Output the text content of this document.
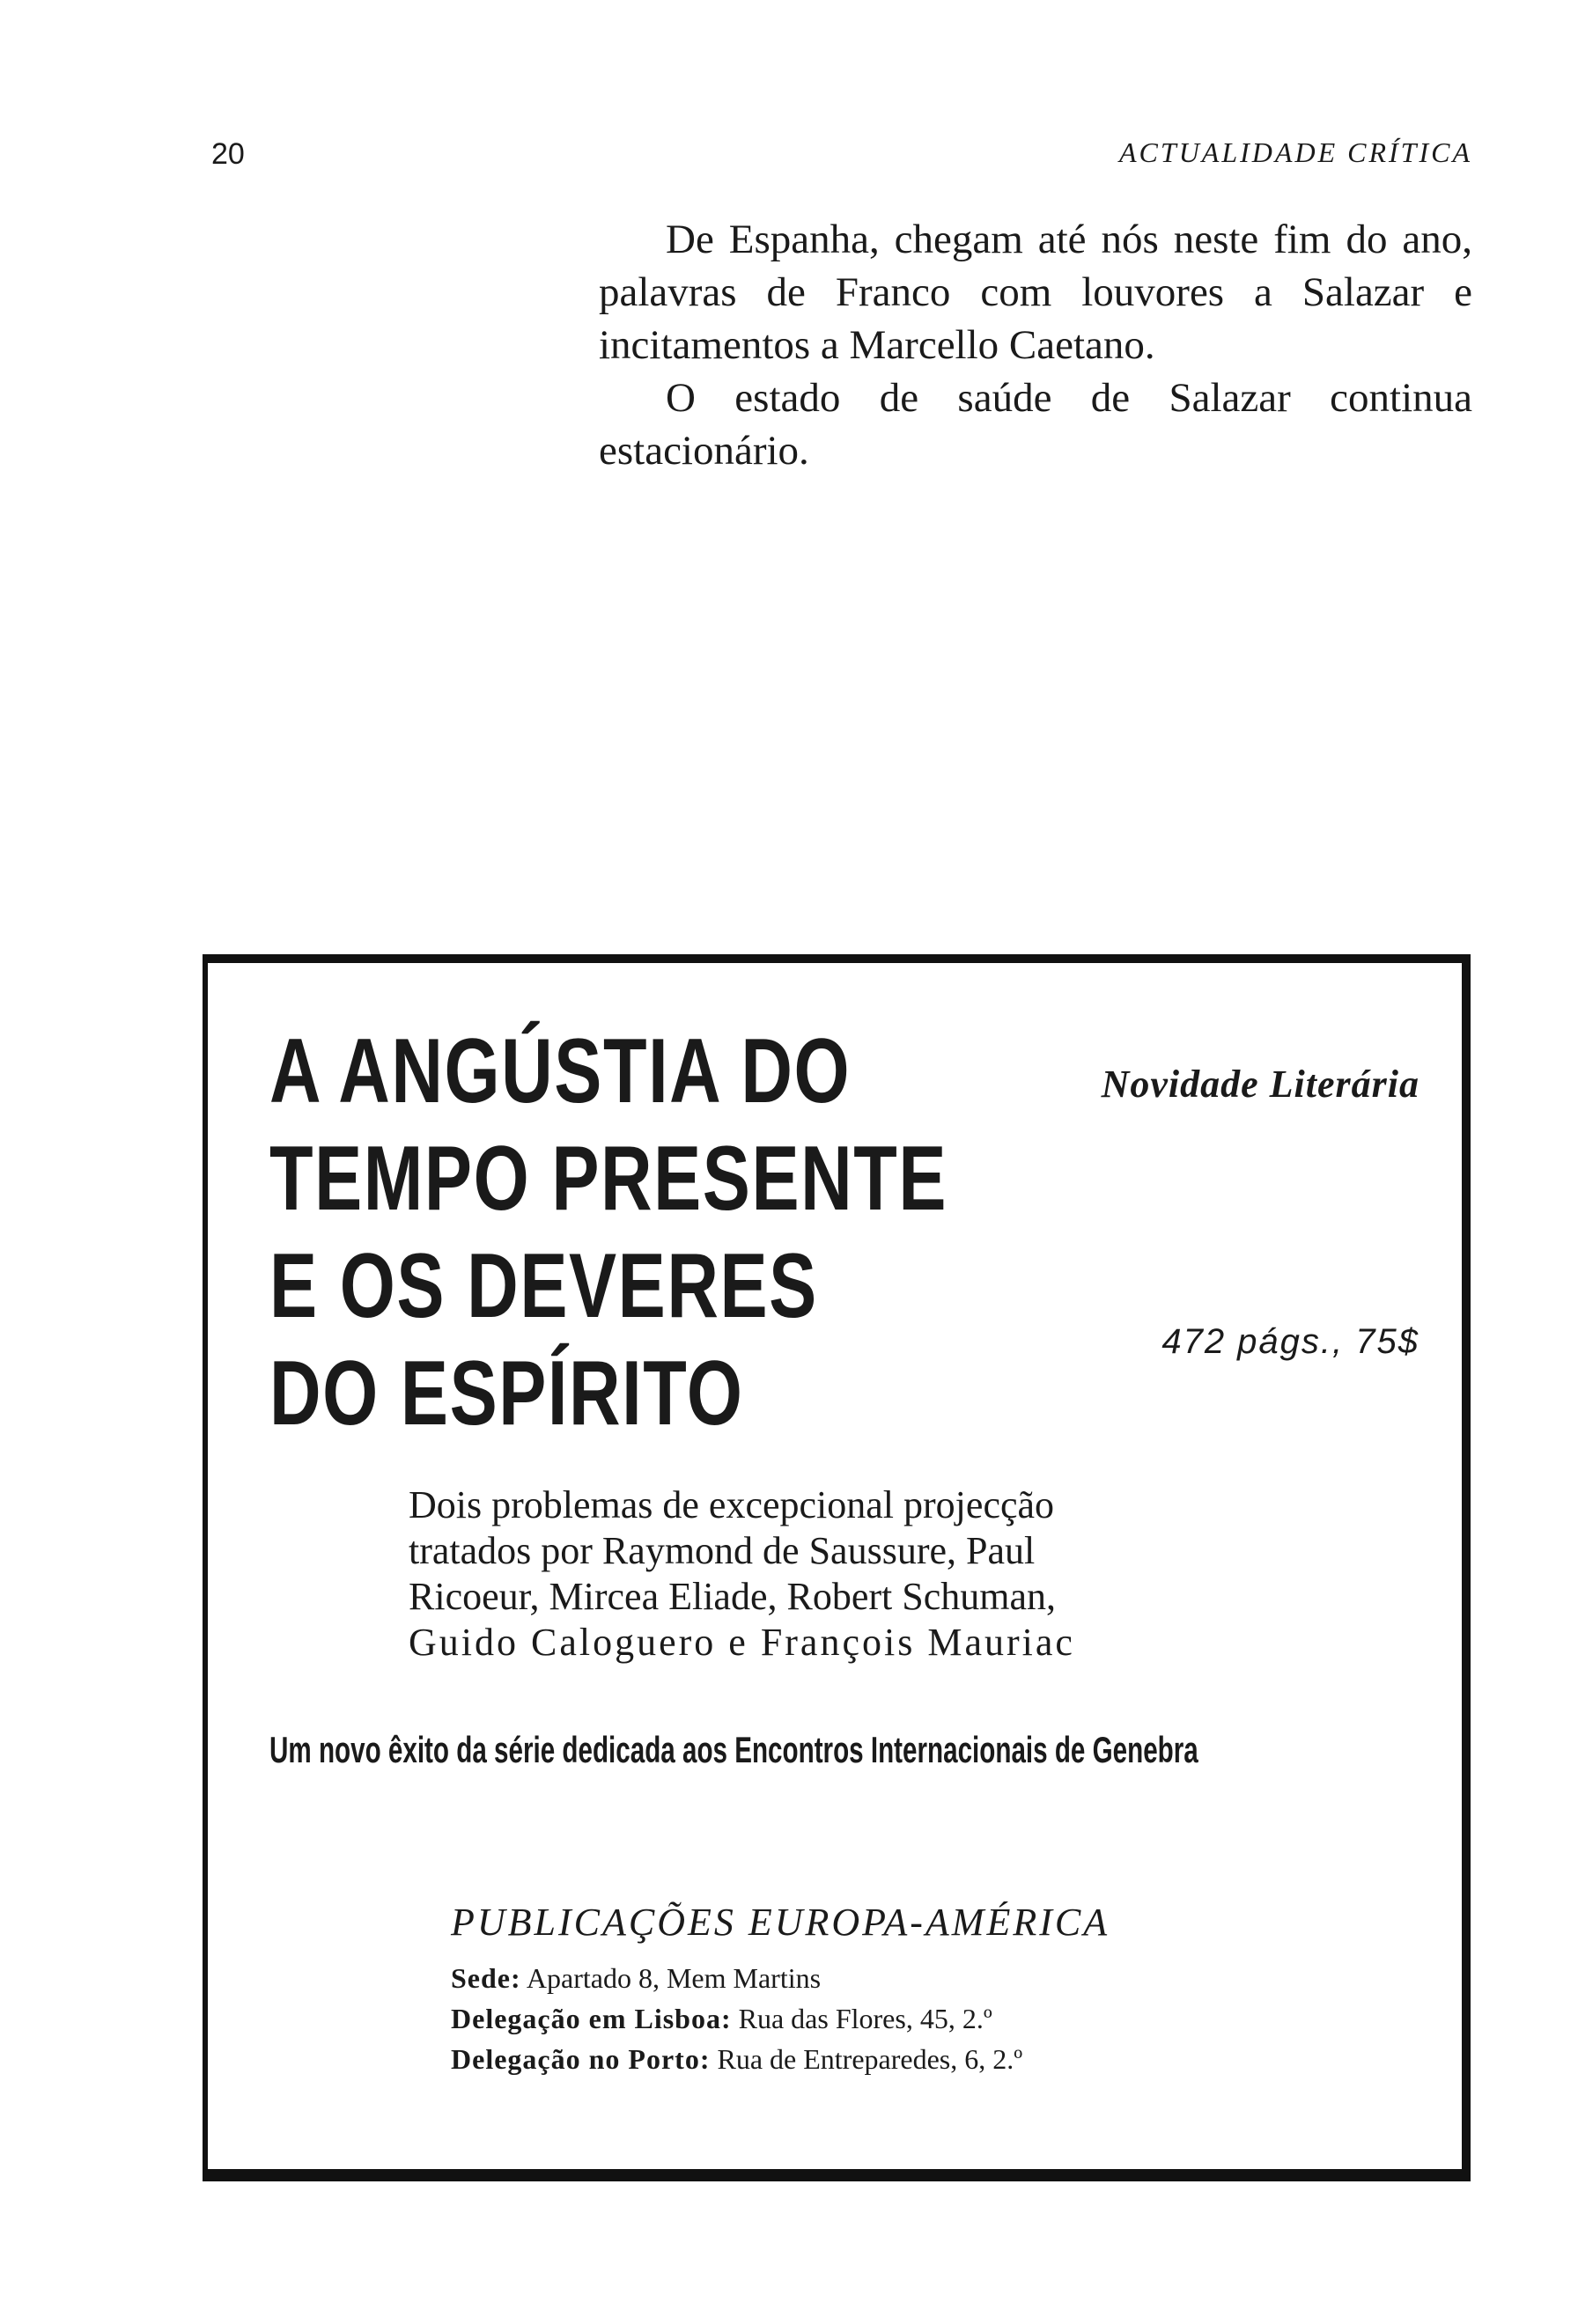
20	ACTUALIDADE CRÍTICA

De Espanha, chegam até nós neste fim do ano, palavras de Franco com louvores a Salazar e incitamentos a Marcello Caetano.

O estado de saúde de Salazar continua estacionário.

A ANGÚSTIA DO
TEMPO PRESENTE
E OS DEVERES
DO ESPÍRITO
Novidade Literária
472 págs., 75$
Dois problemas de excepcional projecção
tratados por Raymond de Saussure, Paul
Ricoeur, Mircea Eliade, Robert Schuman,
Guido Caloguero e François Mauriac
Um novo êxito da série dedicada aos Encontros Internacionais de Genebra
PUBLICAÇÕES EUROPA-AMÉRICA
Sede: Apartado 8, Mem Martins
Delegação em Lisboa: Rua das Flores, 45, 2.º
Delegação no Porto: Rua de Entreparedes, 6, 2.º
